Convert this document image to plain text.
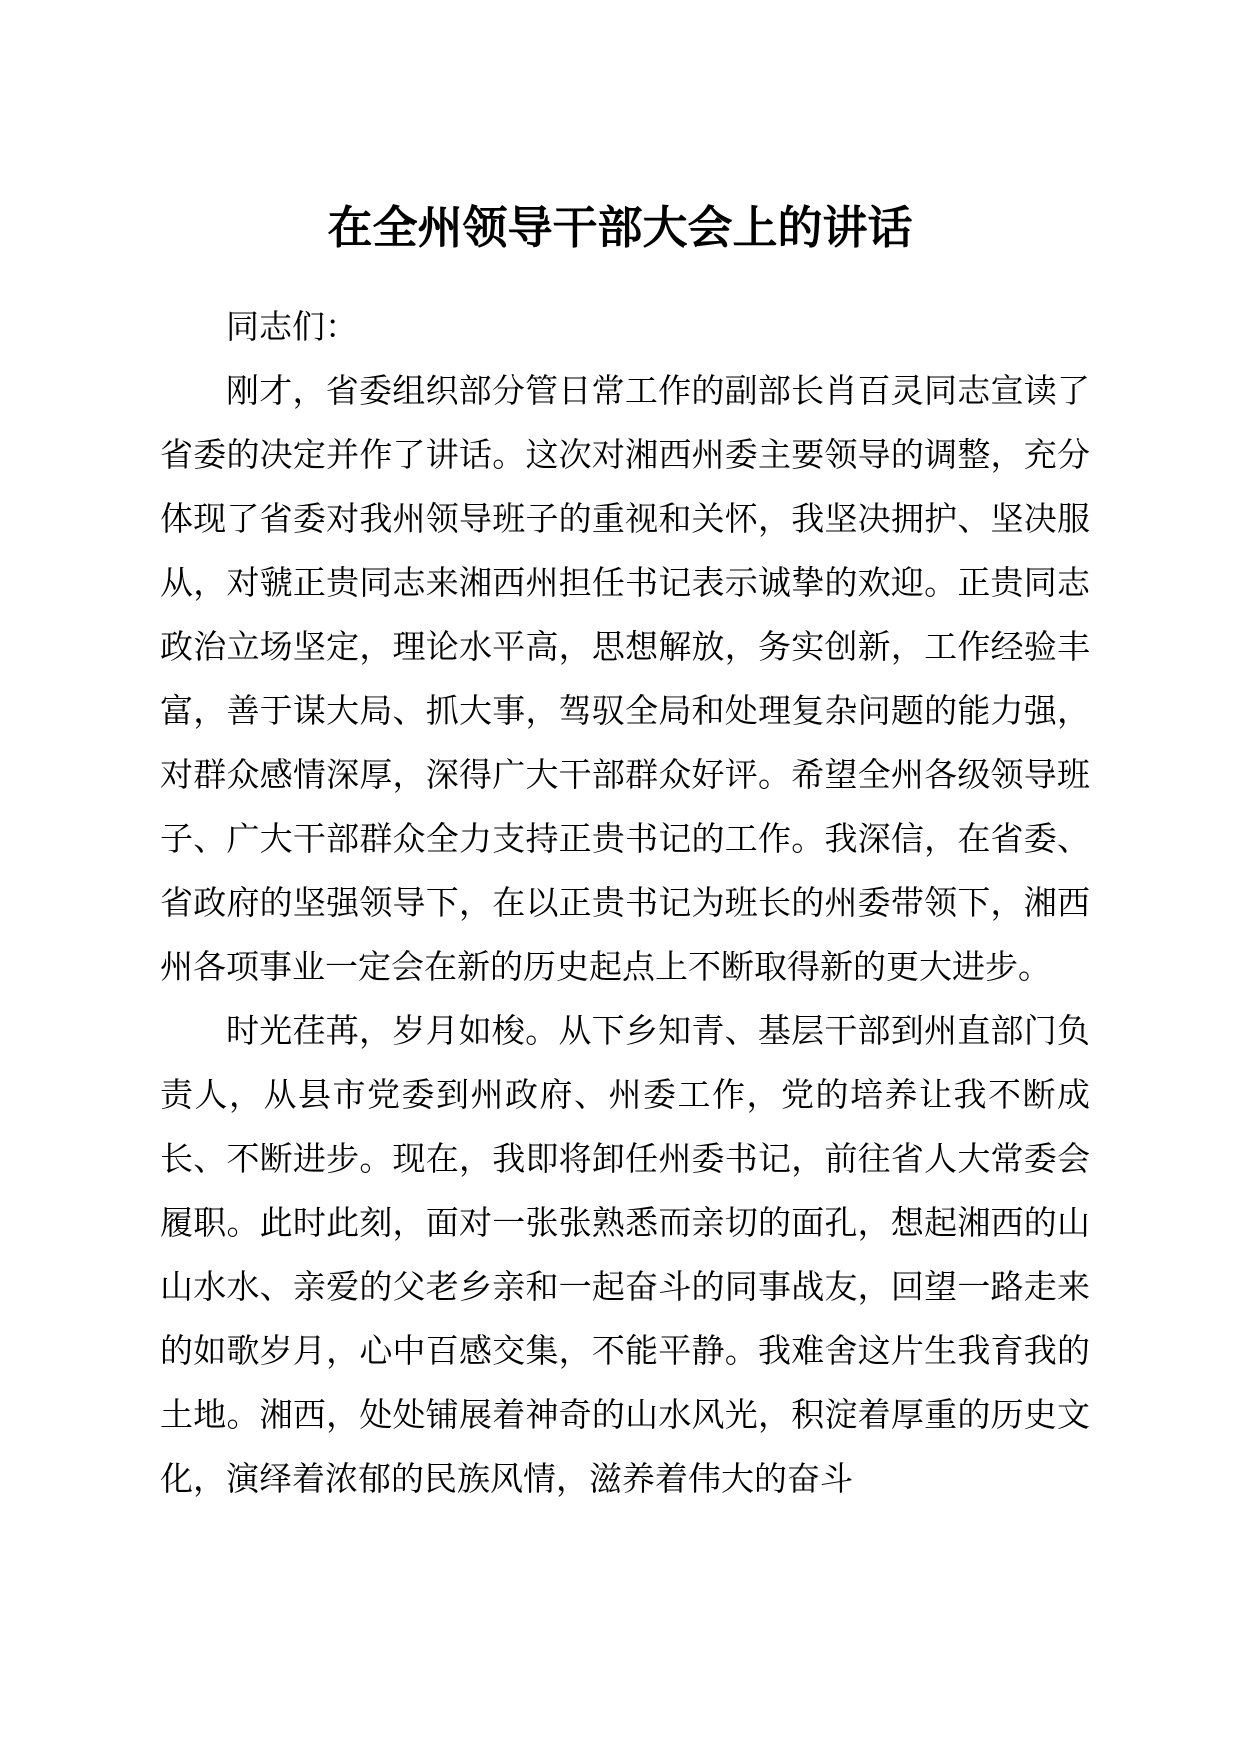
在全州领导干部大会上的讲话

同志们：

刚才，省委组织部分管日常工作的副部长肖百灵同志宣读了省委的决定并作了讲话。这次对湘西州委主要领导的调整，充分体现了省委对我州领导班子的重视和关怀，我坚决拥护、坚决服从，对虢正贵同志来湘西州担任书记表示诚挚的欢迎。正贵同志政治立场坚定，理论水平高，思想解放，务实创新，工作经验丰富，善于谋大局、抓大事，驾驭全局和处理复杂问题的能力强，对群众感情深厚，深得广大干部群众好评。希望全州各级领导班子、广大干部群众全力支持正贵书记的工作。我深信，在省委、省政府的坚强领导下，在以正贵书记为班长的州委带领下，湘西州各项事业一定会在新的历史起点上不断取得新的更大进步。

时光荏苒，岁月如梭。从下乡知青、基层干部到州直部门负责人，从县市党委到州政府、州委工作，党的培养让我不断成长、不断进步。现在，我即将卸任州委书记，前往省人大常委会履职。此时此刻，面对一张张熟悉而亲切的面孔，想起湘西的山山水水、亲爱的父老乡亲和一起奋斗的同事战友，回望一路走来的如歌岁月，心中百感交集，不能平静。我难舍这片生我育我的土地。湘西，处处铺展着神奇的山水风光，积淀着厚重的历史文化，演绎着浓郁的民族风情，滋养着伟大的奋斗
